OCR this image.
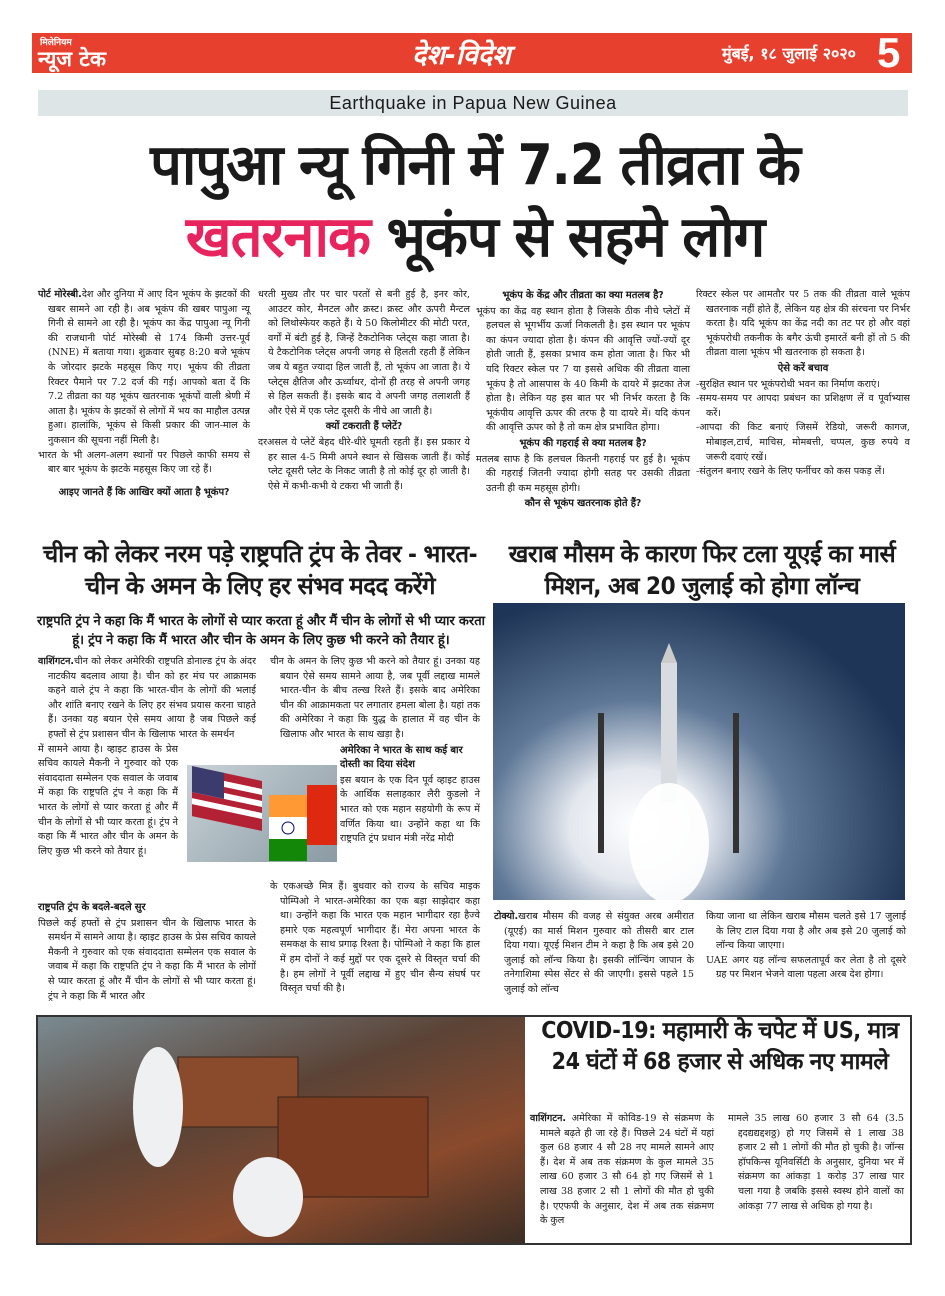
मिलेनियम
न्यूज टेक	देश-विदेश	मुंबई, १८ जुलाई २०२० 5
Earthquake in Papua New Guinea
पापुआ न्यू गिनी में 7.2 तीव्रता के
खतरनाक भूकंप से सहमे लोग

पोर्ट मोरेस्बी.देश और दुनिया में आए दिन भूकंप के झटकों की खबर सामने आ रही है। अब भूकंप की खबर पापुआ न्यू गिनी से सामने आ रही है। भूकंप का केंद्र पापुआ न्यू गिनी की राजधानी पोर्ट मोरेस्बी से 174 किमी उत्तर-पूर्व (NNE) में बताया गया। शुक्रवार सुबह 8:20 बजे भूकंप के जोरदार झटके महसूस किए गए। भूकंप की तीव्रता रिक्टर पैमाने पर 7.2 दर्ज की गई। आपको बता दें कि 7.2 तीव्रता का यह भूकंप खतरनाक भूकंपों वाली श्रेणी में आता है। भूकंप के झटकों से लोगों में भय का माहौल उत्पन्न हुआ। हालांकि, भूकंप से किसी प्रकार की जान-माल के नुकसान की सूचना नहीं मिली है।

भारत के भी अलग-अलग स्थानों पर पिछले काफी समय से बार बार भूकंप के झटके महसूस किए जा रहे हैं।

आइए जानते हैं कि आखिर क्यों आता है भूकंप?

धरती मुख्य तौर पर चार परतों से बनी हुई है, इनर कोर, आउटर कोर, मैनटल और क्रस्ट। क्रस्ट और ऊपरी मैन्टल को लिथोस्फेयर कहते हैं। ये 50 किलोमीटर की मोटी परत, वर्गों में बंटी हुई है, जिन्हें टैकटोनिक प्लेट्स कहा जाता है। ये टैकटोनिक प्लेट्स अपनी जगह से हिलती रहती हैं लेकिन जब ये बहुत ज्यादा हिल जाती हैं, तो भूकंप आ जाता है। ये प्लेट्स क्षैतिज और ऊर्ध्वाधर, दोनों ही तरह से अपनी जगह से हिल सकती हैं। इसके बाद वे अपनी जगह तलाशती हैं और ऐसे में एक प्लेट दूसरी के नीचे आ जाती है।

क्यों टकराती हैं प्लेटें?

दरअसल ये प्लेटें बेहद धीरे-धीरे घूमती रहती हैं। इस प्रकार ये हर साल 4-5 मिमी अपने स्थान से खिसक जाती हैं। कोई प्लेट दूसरी प्लेट के निकट जाती है तो कोई दूर हो जाती है। ऐसे में कभी-कभी ये टकरा भी जाती हैं।

भूकंप के केंद्र और तीव्रता का क्या मतलब है?

भूकंप का केंद्र वह स्थान होता है जिसके ठीक नीचे प्लेटों में हलचल से भूगर्भीय ऊर्जा निकलती है। इस स्थान पर भूकंप का कंपन ज्यादा होता है। कंपन की आवृत्ति ज्यों-ज्यों दूर होती जाती हैं, इसका प्रभाव कम होता जाता है। फिर भी यदि रिक्टर स्केल पर 7 या इससे अधिक की तीव्रता वाला भूकंप है तो आसपास के 40 किमी के दायरे में झटका तेज होता है। लेकिन यह इस बात पर भी निर्भर करता है कि भूकंपीय आवृत्ति ऊपर की तरफ है या दायरे में। यदि कंपन की आवृत्ति ऊपर को है तो कम क्षेत्र प्रभावित होगा।

भूकंप की गहराई से क्या मतलब है?

मतलब साफ है कि हलचल कितनी गहराई पर हुई है। भूकंप की गहराई जितनी ज्यादा होगी सतह पर उसकी तीव्रता उतनी ही कम महसूस होगी।

कौन से भूकंप खतरनाक होते हैं?

रिक्टर स्केल पर आमतौर पर 5 तक की तीव्रता वाले भूकंप खतरनाक नहीं होते हैं, लेकिन यह क्षेत्र की संरचना पर निर्भर करता है। यदि भूकंप का केंद्र नदी का तट पर हो और वहां भूकंपरोधी तकनीक के बगैर ऊंची इमारतें बनी हों तो 5 की तीव्रता वाला भूकंप भी खतरनाक हो सकता है।

ऐसे करें बचाव

-सुरक्षित स्थान पर भूकंपरोधी भवन का निर्माण कराएं।

-समय-समय पर आपदा प्रबंधन का प्रशिक्षण लें व पूर्वाभ्यास करें।

-आपदा की किट बनाएं जिसमें रेडियो, जरूरी कागज, मोबाइल,टार्च, माचिस, मोमबत्ती, चप्पल, कुछ रुपये व जरूरी दवाएं रखें।

-संतुलन बनाए रखने के लिए फर्नीचर को कस पकड़ लें।

चीन को लेकर नरम पड़े राष्ट्रपति ट्रंप के तेवर - भारत-चीन के अमन के लिए हर संभव मदद करेंगे
राष्ट्रपति ट्रंप ने कहा कि मैं भारत के लोगों से प्यार करता हूं और मैं चीन के लोगों से भी प्यार करता हूं। ट्रंप ने कहा कि मैं भारत और चीन के अमन के लिए कुछ भी करने को तैयार हूं।

वाशिंगटन.चीन को लेकर अमेरिकी राष्ट्रपति डोनाल्ड ट्रंप के अंदर नाटकीय बदलाव आया है। चीन को हर मंच पर आक्रामक कहने वाले ट्रंप ने कहा कि भारत-चीन के लोगों की भलाई और शांति बनाए रखने के लिए हर संभव प्रयास करना चाहते हैं। उनका यह बयान ऐसे समय आया है जब पिछले कई हफ्तों से ट्रंप प्रशासन चीन के खिलाफ भारत के समर्थन

में सामने आया है। व्हाइट हाउस के प्रेस सचिव कायले मैकनी ने गुरुवार को एक संवाददाता सम्मेलन एक सवाल के जवाब में कहा कि राष्ट्रपति ट्रंप ने कहा कि मैं भारत के लोगों से प्यार करता हूं और मैं चीन के लोगों से भी प्यार करता हूं। ट्रंप ने कहा कि मैं भारत और चीन के अमन के लिए कुछ भी करने को तैयार हूं।
राष्ट्रपति ट्रंप के बदले-बदले सुर

पिछले कई हफ्तों से ट्रंप प्रशासन चीन के खिलाफ भारत के समर्थन में सामने आया है। व्हाइट हाउस के प्रेस सचिव कायले मैकनी ने गुरुवार को एक संवाददाता सम्मेलन एक सवाल के जवाब में कहा कि राष्ट्रपति ट्रंप ने कहा कि मैं भारत के लोगों से प्यार करता हूं और मैं चीन के लोगों से भी प्यार करता हूं। ट्रंप ने कहा कि मैं भारत और

चीन के अमन के लिए कुछ भी करने को तैयार हूं। उनका यह बयान ऐसे समय सामने आया है, जब पूर्वी लद्दाख मामले भारत-चीन के बीच तल्ख रिश्ते हैं। इसके बाद अमेरिका चीन की आक्रामकता पर लगातार हमला बोला है। यहां तक की अमेरिका ने कहा कि युद्ध के हालात में वह चीन के खिलाफ और भारत के साथ खड़ा है।

अमेरिका ने भारत के साथ कई बार दोस्ती का दिया संदेश
इस बयान के एक दिन पूर्व व्हाइट हाउस के आर्थिक सलाहकार लैरी कुडलो ने भारत को एक महान सहयोगी के रूप में वर्णित किया था। उन्होंने कहा था कि राष्ट्रपति ट्रंप प्रधान मंत्री नरेंद्र मोदी

के एकअच्छे मित्र हैं। बुधवार को राज्य के सचिव माइक पोम्पिओ ने भारत-अमेरिका का एक बड़ा साझेदार कहा था। उन्होंने कहा कि भारत एक महान भागीदार रहा हैज्वे हमारे एक महत्वपूर्ण भागीदार हैं। मेरा अपना भारत के समकक्ष के साथ प्रगाढ़ रिश्ता है। पोम्पिओ ने कहा कि हाल में हम दोनों ने कई मुद्दों पर एक दूसरे से विस्तृत चर्चा की है। हम लोगों ने पूर्वी लद्दाख में हुए चीन सैन्य संघर्ष पर विस्तृत चर्चा की है।

खराब मौसम के कारण फिर टला यूएई का मार्स मिशन, अब 20 जुलाई को होगा लॉन्च

टोक्यो.खराब मौसम की वजह से संयुक्त अरब अमीरात (यूएई) का मार्स मिशन गुरुवार को तीसरी बार टाल दिया गया। यूएई मिशन टीम ने कहा है कि अब इसे 20 जुलाई को लॉन्च किया है। इसकी लॉन्चिंग जापान के तनेगाशिमा स्पेस सेंटर से की जाएगी। इससे पहले 15 जुलाई को लॉन्च

किया जाना था लेकिन खराब मौसम चलते इसे 17 जुलाई के लिए टाल दिया गया है और अब इसे 20 जुलाई को लॉन्च किया जाएगा।

UAE अगर यह लॉन्च सफलतापूर्व कर लेता है तो दूसरे ग्रह पर मिशन भेजने वाला पहला अरब देश होगा।

COVID-19: महामारी के चपेट में US, मात्र 24 घंटों में 68 हजार से अधिक नए मामले

वाशिंगटन. अमेरिका में कोविड-19 से संक्रमण के मामले बढ़ते ही जा रहे हैं। पिछले 24 घंटों में यहां कुल 68 हजार 4 सौ 28 नए मामले सामने आए हैं। देश में अब तक संक्रमण के कुल मामले 35 लाख 60 हजार 3 सौ 64 हो गए जिसमें से 1 लाख 38 हजार 2 सौ 1 लोगों की मौत हो चुकी है। एएफपी के अनुसार, देश में अब तक संक्रमण के कुल

मामले 35 लाख 60 हजार 3 सौ 64 (3.5 द्ददद्यद्यद्दशठ्ठ) हो गए जिसमें से 1 लाख 38 हजार 2 सौ 1 लोगों की मौत हो चुकी है। जॉन्स हॉपकिन्स यूनिवर्सिटी के अनुसार, दुनिया भर में संक्रमण का आंकड़ा 1 करोड़ 37 लाख पार चला गया है जबकि इससे स्वस्थ होने वालों का आंकड़ा 77 लाख से अधिक हो गया है।
